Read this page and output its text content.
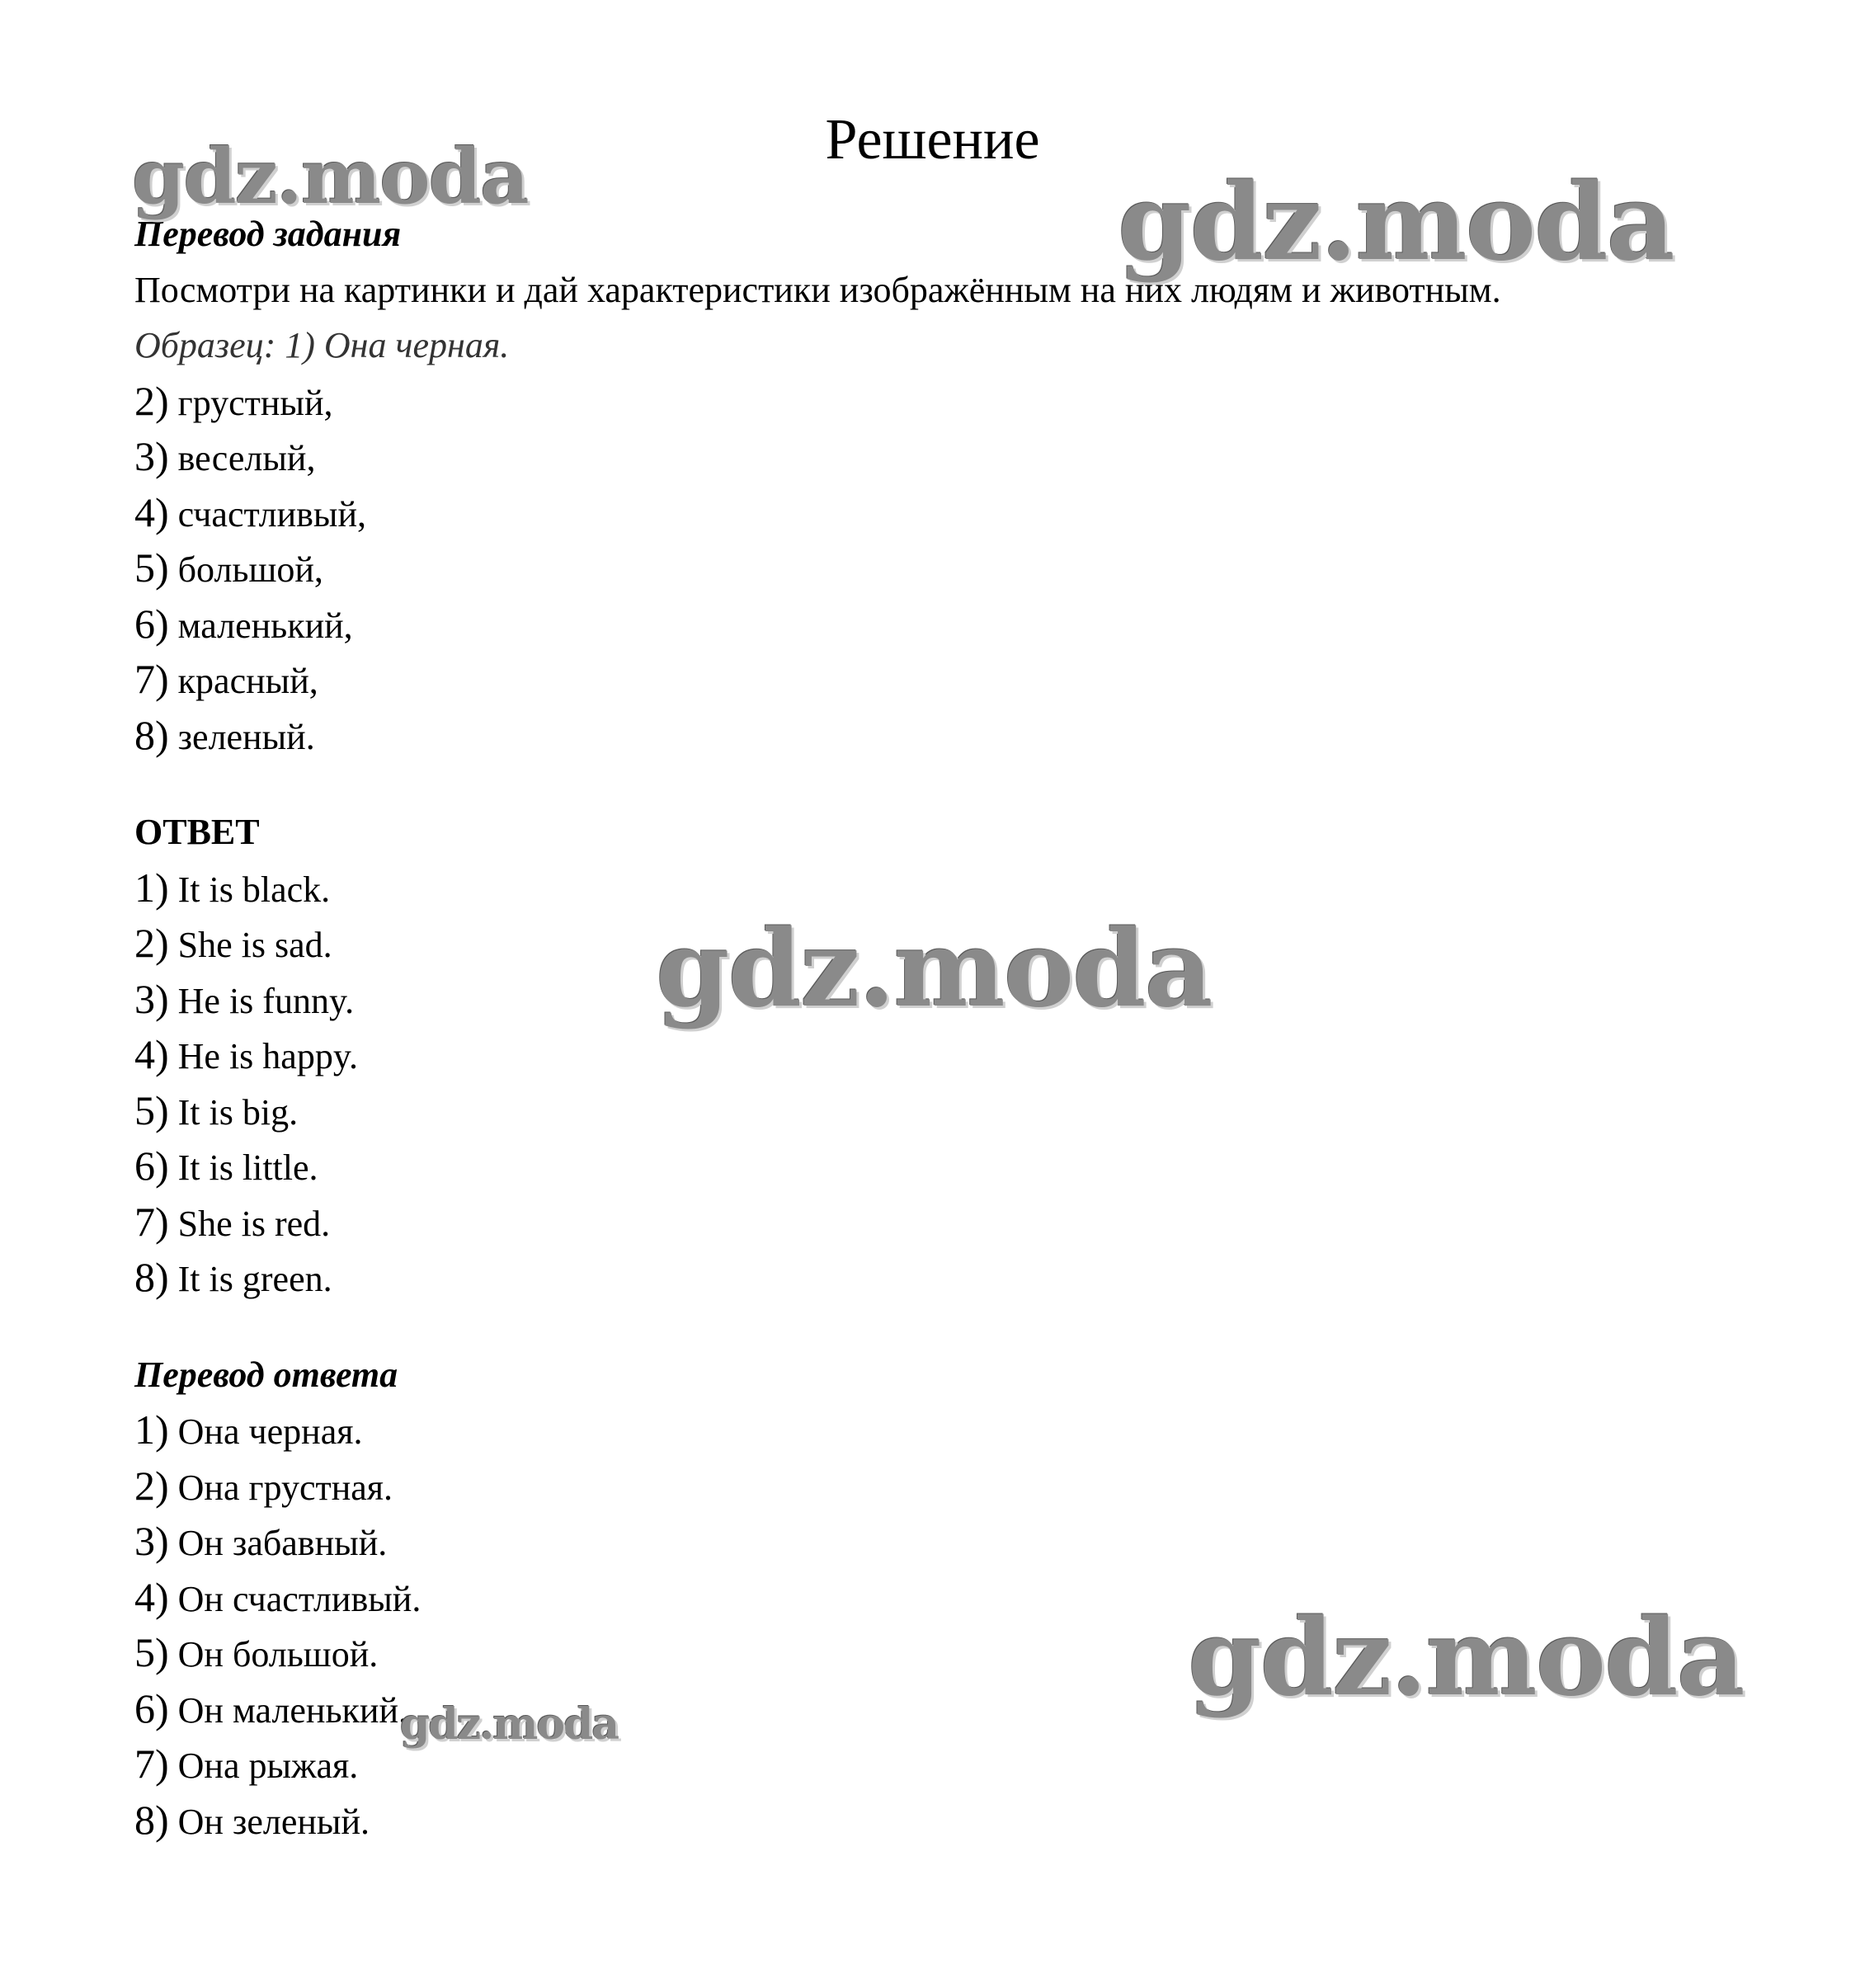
Решение
Перевод задания
Посмотри на картинки и дай характеристики изображённым на них людям и животным.
Образец: 1) Она черная.
2) грустный,
3) веселый,
4) счастливый,
5) большой,
6) маленький,
7) красный,
8) зеленый.
ОТВЕТ
1) It is black.
2) She is sad.
3) He is funny.
4) He is happy.
5) It is big.
6) It is little.
7) She is red.
8) It is green.
Перевод ответа
1) Она черная.
2) Она грустная.
3) Он забавный.
4) Он счастливый.
5) Он большой.
6) Он маленький.
7) Она рыжая.
8) Он зеленый.
gdz.moda	gdz.moda
gdz.moda
gdz.moda
gdz.moda
